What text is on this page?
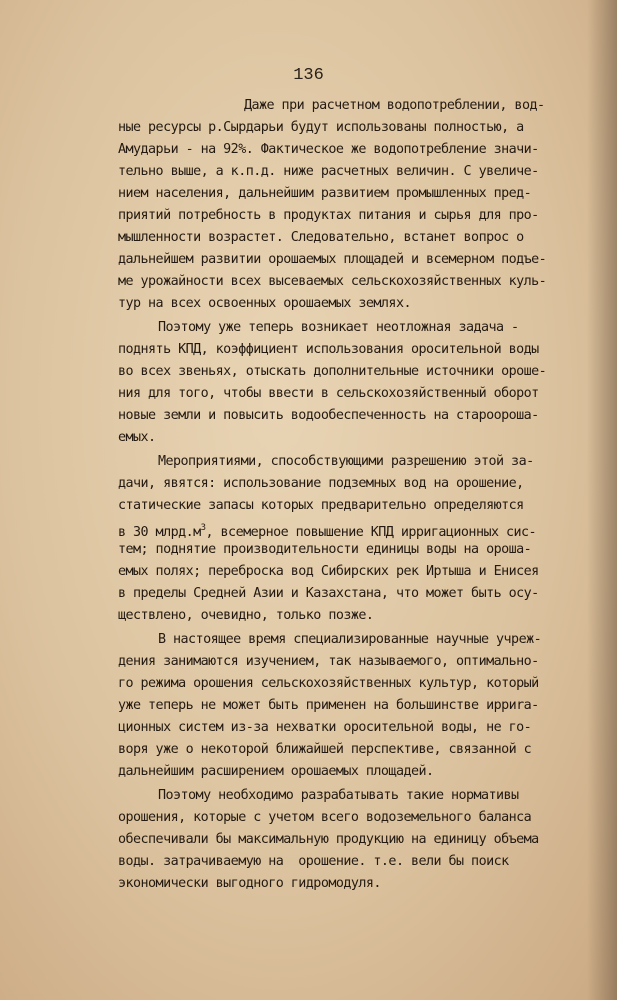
136
Даже при расчетном водопотреблении, вод-
ные ресурсы р.Сырдарьи будут использованы полностью, а
Амударьи - на 92%. Фактическое же водопотребление значи-
тельно выше, а к.п.д. ниже расчетных величин. С увеличе-
нием населения, дальнейшим развитием промышленных пред-
приятий потребность в продуктах питания и сырья для про-
мышленности возрастет. Следовательно, встанет вопрос о
дальнейшем развитии орошаемых площадей и всемерном подъе-
ме урожайности всех высеваемых сельскохозяйственных куль-
тур на всех освоенных орошаемых землях.
Поэтому уже теперь возникает неотложная задача -
поднять КПД, коэффициент использования оросительной воды
во всех звеньях, отыскать дополнительные источники ороше-
ния для того, чтобы ввести в сельскохозяйственный оборот
новые земли и повысить водообеспеченность на староороша-
емых.
Мероприятиями, способствующими разрешению этой за-
дачи, явятся: использование подземных вод на орошение,
статические запасы которых предварительно определяются
в 30 $млрд.м^3$, всемерное повышение КПД ирригационных сис-
тем; поднятие производительности единицы воды на ороша-
емых полях; переброска вод Сибирских рек Иртыша и Енисея
в пределы Средней Азии и Казахстана, что может быть осу-
ществлено, очевидно, только позже.
В настоящее время специализированные научные учреж-
дения занимаются изучением, так называемого, оптимально-
го режима орошения сельскохозяйственных культур, который
уже теперь не может быть применен на большинстве ирриrа-
ционных систем из-за нехватки оросительной воды, не го-
воря уже о некоторой ближайшей перспективе, связанной с
дальнейшим расширением орошаемых площадей.
Поэтому необходимо разрабатывать такие нормативы
орошения, которые с учетом всего водоземельного баланса
обеспечивали бы максимальную продукцию на единицу объема
воды. затрачиваемую на  орошение. т.е. вели бы поиск
экономически выгодного гидромодуля.
